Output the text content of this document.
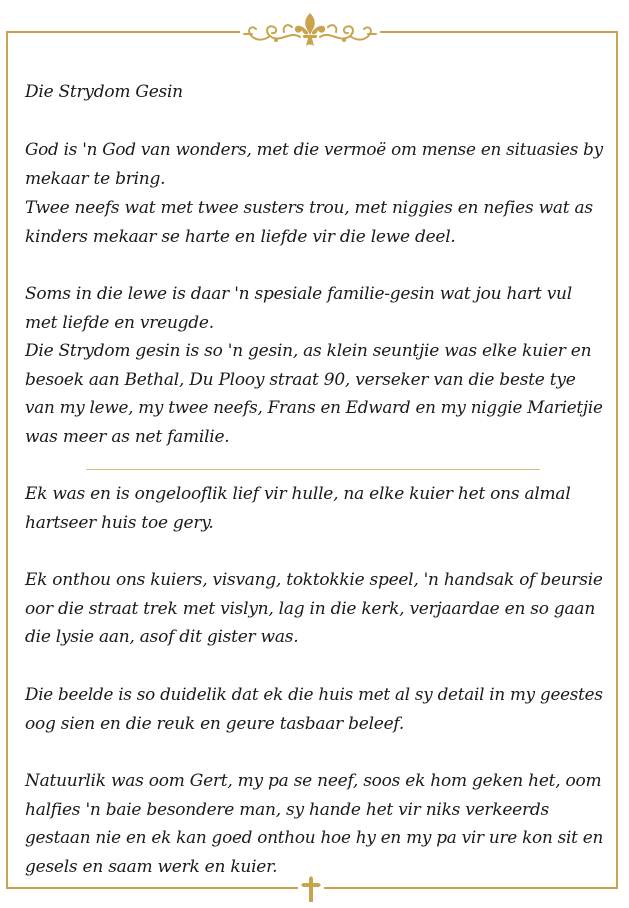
Die Strydom Gesin

God is 'n God van wonders, met die vermoë om mense en situasies by
mekaar te bring.

Twee neefs wat met twee susters trou, met niggies en nefies wat as
kinders mekaar se harte en liefde vir die lewe deel.

Soms in die lewe is daar 'n spesiale familie-gesin wat jou hart vul
met liefde en vreugde.

Die Strydom gesin is so 'n gesin, as klein seuntjie was elke kuier en
besoek aan Bethal, Du Plooy straat 90, verseker van die beste tye
van my lewe, my twee neefs, Frans en Edward en my niggie Marietjie
was meer as net familie.

Ek was en is ongelooflik lief vir hulle, na elke kuier het ons almal
hartseer huis toe gery.

Ek onthou ons kuiers, visvang, toktokkie speel, 'n handsak of beursie
oor die straat trek met vislyn, lag in die kerk, verjaardae en so gaan
die lysie aan, asof dit gister was.

Die beelde is so duidelik dat ek die huis met al sy detail in my geestes
oog sien en die reuk en geure tasbaar beleef.

Natuurlik was oom Gert, my pa se neef, soos ek hom geken het, oom
halfies 'n baie besondere man, sy hande het vir niks verkeerds
gestaan nie en ek kan goed onthou hoe hy en my pa vir ure kon sit en
gesels en saam werk en kuier.
